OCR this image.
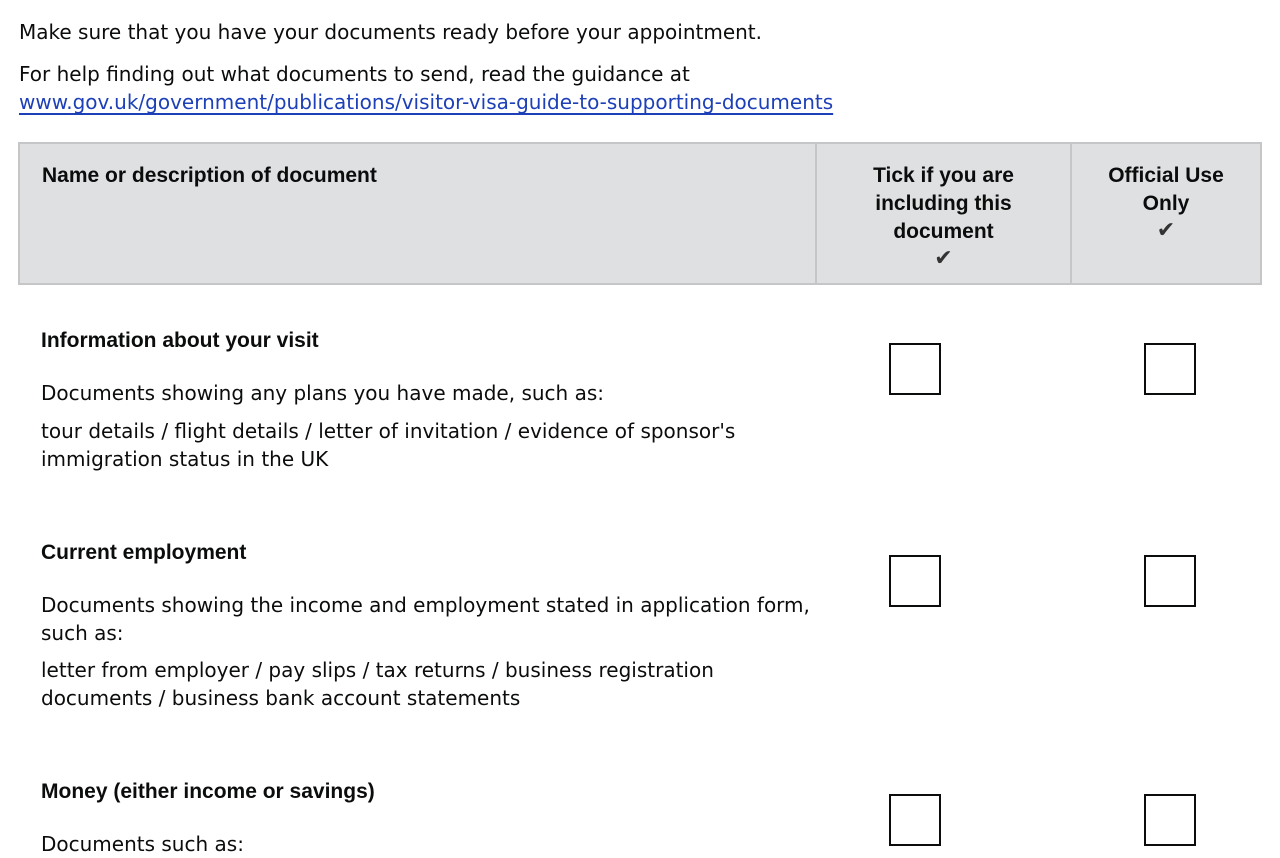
Make sure that you have your documents ready before your appointment.

For help finding out what documents to send, read the guidance at
www.gov.uk/government/publications/visitor-visa-guide-to-supporting-documents

Name or description of document	Tick if you are including this document
✔
Official Use Only
✔

Information about your visit

Documents showing any plans you have made, such as:

tour details / flight details / letter of invitation / evidence of sponsor's immigration status in the UK

Current employment

Documents showing the income and employment stated in application form, such as:

letter from employer / pay slips / tax returns / business registration documents / business bank account statements

Money (either income or savings)

Documents such as:
